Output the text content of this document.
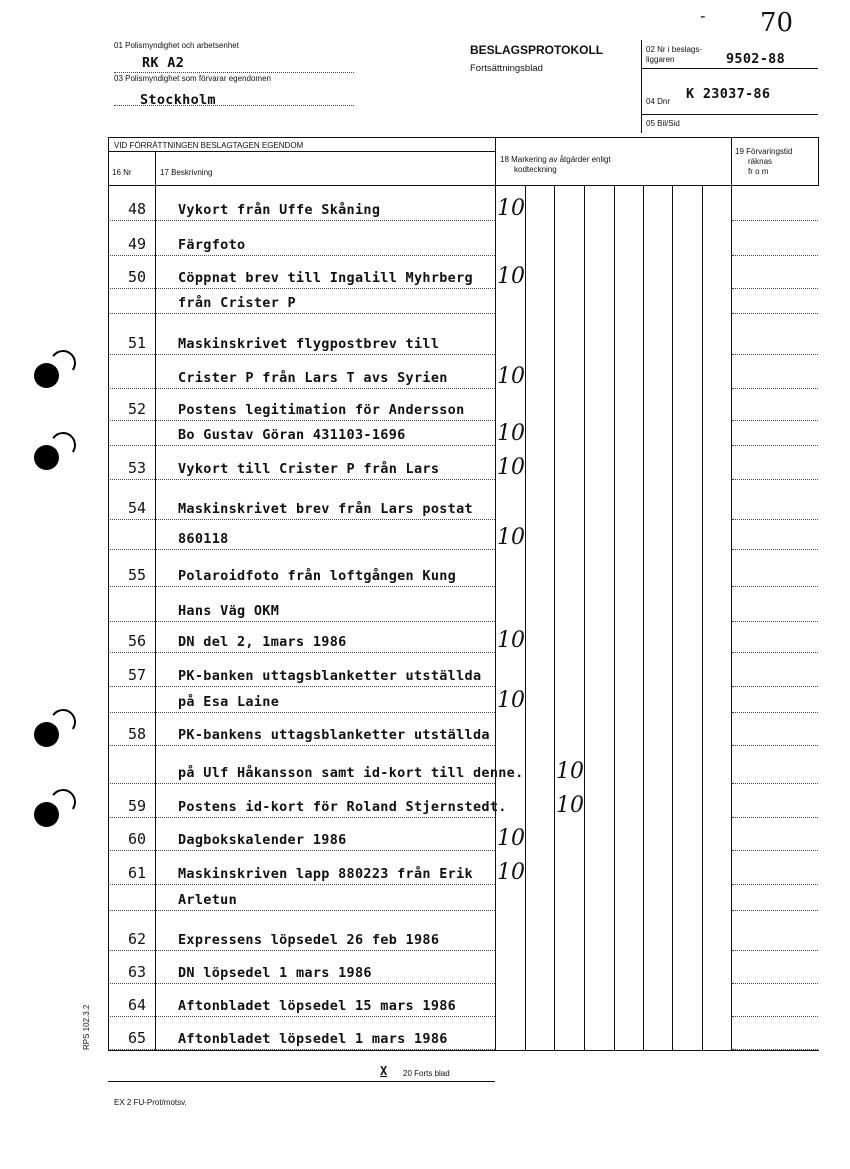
- 70
01 Polismyndighet och arbetsenhet
RK A2
03 Polismyndighet som förvarar egendomen
Stockholm
BESLAGSPROTOKOLL
Fortsättningsblad
02 Nr i beslags-
liggaren	9502-88
04 Dnr K 23037-86
05 Bil/Sid
VID FÖRRÄTTNINGEN BESLAGTAGEN EGENDOM
16 Nr	17 Beskrivning
18 Markering av åtgärder enligt
kodteckning
19 Förvaringstid
räknas
fr o m
48 Vykort från Uffe Skåning	10
49 Färgfoto
50 Cöppnat brev till Ingalill Myhrberg 10
från Crister P
51 Maskinskrivet flygpostbrev till
Crister P från Lars T avs Syrien 10
52 Postens legitimation för Andersson
Bo Gustav Göran 431103-1696	10
53 Vykort till Crister P från Lars	10
54 Maskinskrivet brev från Lars postat
860118	10
55 Polaroidfoto från loftgången Kung
Hans Väg OKM
56 DN del 2, 1mars 1986	10
57 PK-banken uttagsblanketter utställda
på Esa Laine	10
58 PK-bankens uttagsblanketter utställda
på Ulf Håkansson samt id-kort till denne. 10
59 Postens id-kort för Roland Stjernstedt. 10
60 Dagbokskalender 1986	10
61 Maskinskriven lapp 880223 från Erik 10
Arletun
62 Expressens löpsedel 26 feb 1986
63 DN löpsedel 1 mars 1986
64 Aftonbladet löpsedel 15 mars 1986
65 Aftonbladet löpsedel 1 mars 1986
X 20 Forts blad
RPS 102.3.2
EX 2 FU-Prot/motsv.
